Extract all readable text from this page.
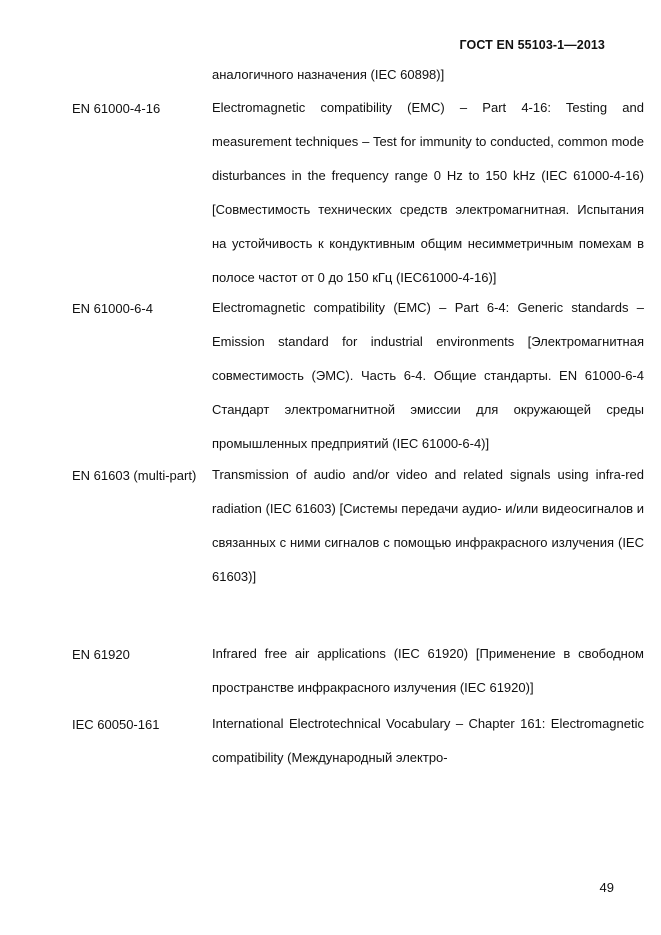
ГОСТ EN 55103-1—2013
аналогичного назначения (IEC 60898)]
EN 61000-4-16	Electromagnetic compatibility (EMC) – Part 4-16: Testing and measurement techniques – Test for immunity to conducted, common mode disturbances in the frequency range 0 Hz to 150 kHz (IEC 61000-4-16) [Совместимость технических средств электромагнитная. Испытания на устойчивость к кондуктивным общим несимметричным помехам в полосе частот от 0 до 150 кГц (IEC61000-4-16)]
EN 61000-6-4	Electromagnetic compatibility (EMC) – Part 6-4: Generic standards – Emission standard for industrial environments [Электромагнитная совместимость (ЭМС). Часть 6-4. Общие стандарты. EN 61000-6-4 Стандарт электромагнитной эмиссии для окружающей среды промышленных предприятий (IEC 61000-6-4)]
EN 61603 (multi-part)	Transmission of audio and/or video and related signals using infra-red radiation (IEC 61603) [Системы передачи аудио- и/или видеосигналов и связанных с ними сигналов с помощью инфракрасного излучения (IEC 61603)]
EN 61920	Infrared free air applications (IEC 61920) [Применение в свободном пространстве инфракрасного излучения (IEC 61920)]
IEC 60050-161	International Electrotechnical Vocabulary – Chapter 161: Electromagnetic compatibility (Международный электро-
49
